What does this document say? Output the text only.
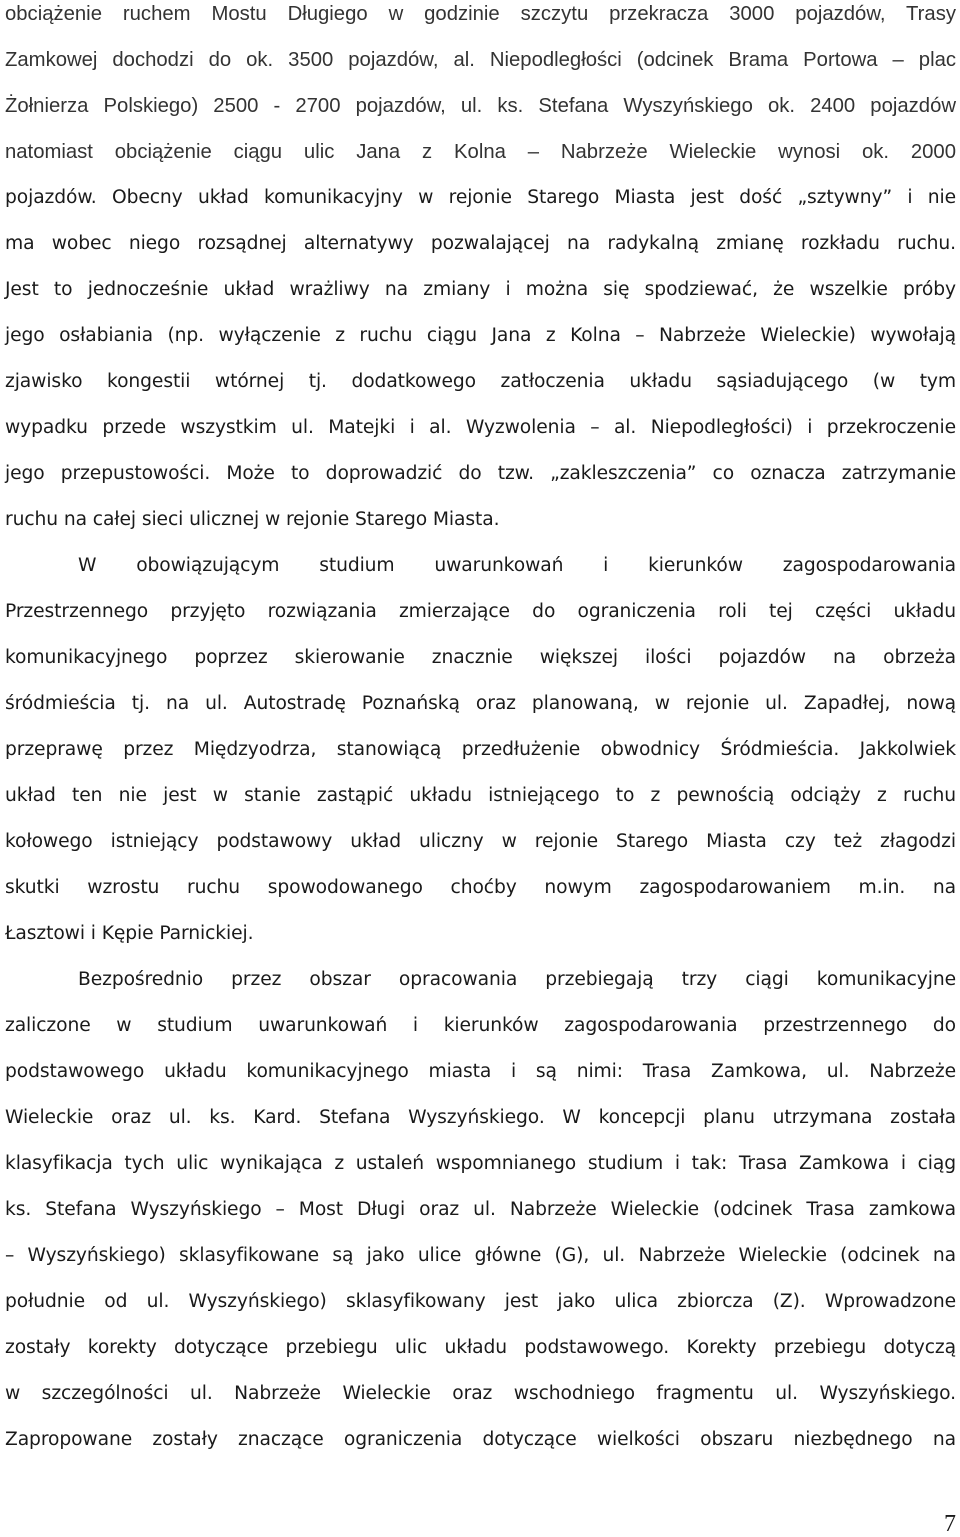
obciążenie ruchem Mostu Długiego w godzinie szczytu przekracza 3000 pojazdów, Trasy
Zamkowej dochodzi do ok. 3500 pojazdów, al. Niepodległości (odcinek Brama Portowa – plac
Żołnierza Polskiego) 2500 - 2700 pojazdów, ul. ks. Stefana Wyszyńskiego ok. 2400 pojazdów
natomiast obciążenie ciągu ulic Jana z Kolna – Nabrzeże Wieleckie wynosi ok. 2000
pojazdów. Obecny układ komunikacyjny w rejonie Starego Miasta jest dość „sztywny” i nie
ma wobec niego rozsądnej alternatywy pozwalającej na radykalną zmianę rozkładu ruchu.
Jest to jednocześnie układ wrażliwy na zmiany i można się spodziewać, że wszelkie próby
jego osłabiania (np. wyłączenie z ruchu ciągu Jana z Kolna – Nabrzeże Wieleckie) wywołają
zjawisko kongestii wtórnej tj. dodatkowego zatłoczenia układu sąsiadującego (w tym
wypadku przede wszystkim ul. Matejki i al. Wyzwolenia – al. Niepodległości) i przekroczenie
jego przepustowości. Może to doprowadzić do tzw. „zakleszczenia” co oznacza zatrzymanie
ruchu na całej sieci ulicznej w rejonie Starego Miasta.
W obowiązującym studium uwarunkowań i kierunków zagospodarowania
Przestrzennego przyjęto rozwiązania zmierzające do ograniczenia roli tej części układu
komunikacyjnego poprzez skierowanie znacznie większej ilości pojazdów na obrzeża
śródmieścia tj. na ul. Autostradę Poznańską oraz planowaną, w rejonie ul. Zapadłej, nową
przeprawę przez Międzyodrza, stanowiącą przedłużenie obwodnicy Śródmieścia. Jakkolwiek
układ ten nie jest w stanie zastąpić układu istniejącego to z pewnością odciąży z ruchu
kołowego istniejący podstawowy układ uliczny w rejonie Starego Miasta czy też złagodzi
skutki wzrostu ruchu spowodowanego choćby nowym zagospodarowaniem m.in. na
Łasztowi i Kępie Parnickiej.
Bezpośrednio przez obszar opracowania przebiegają trzy ciągi komunikacyjne
zaliczone w studium uwarunkowań i kierunków zagospodarowania przestrzennego do
podstawowego układu komunikacyjnego miasta i są nimi: Trasa Zamkowa, ul. Nabrzeże
Wieleckie oraz ul. ks. Kard. Stefana Wyszyńskiego. W koncepcji planu utrzymana została
klasyfikacja tych ulic wynikająca z ustaleń wspomnianego studium i tak: Trasa Zamkowa i ciąg
ks. Stefana Wyszyńskiego – Most Długi oraz ul. Nabrzeże Wieleckie (odcinek Trasa zamkowa
– Wyszyńskiego) sklasyfikowane są jako ulice główne (G), ul. Nabrzeże Wieleckie (odcinek na
południe od ul. Wyszyńskiego) sklasyfikowany jest jako ulica zbiorcza (Z). Wprowadzone
zostały korekty dotyczące przebiegu ulic układu podstawowego. Korekty przebiegu dotyczą
w szczególności ul. Nabrzeże Wieleckie oraz wschodniego fragmentu ul. Wyszyńskiego.
Zapropowane zostały znaczące ograniczenia dotyczące wielkości obszaru niezbędnego na
7
